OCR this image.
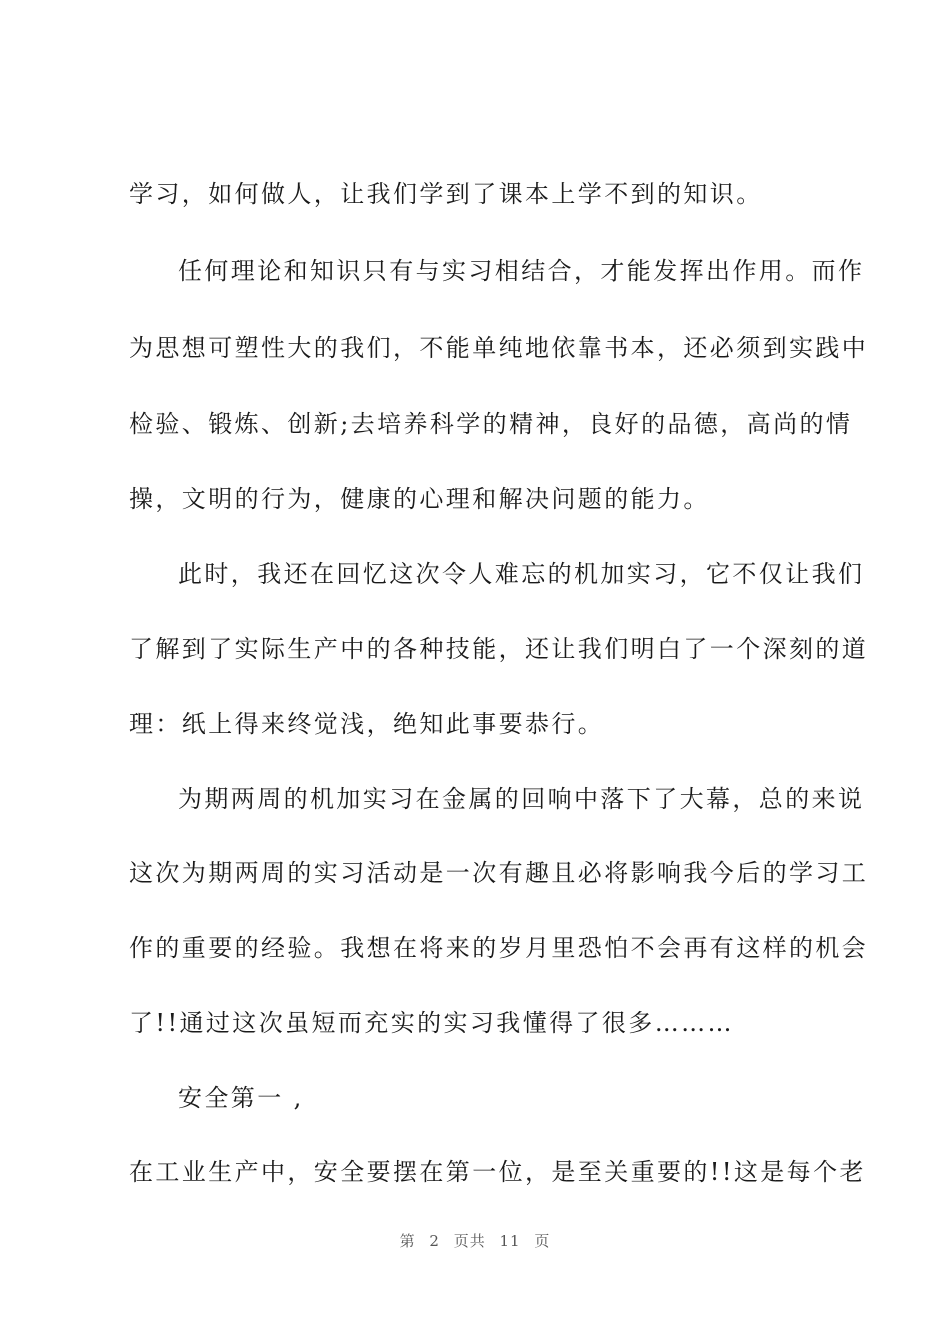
学习，如何做人，让我们学到了课本上学不到的知识。
任何理论和知识只有与实习相结合，才能发挥出作用。而作
为思想可塑性大的我们，不能单纯地依靠书本，还必须到实践中
检验、锻炼、创新;去培养科学的精神，良好的品德，高尚的情
操，文明的行为，健康的心理和解决问题的能力。
此时，我还在回忆这次令人难忘的机加实习，它不仅让我们
了解到了实际生产中的各种技能，还让我们明白了一个深刻的道
理：纸上得来终觉浅，绝知此事要恭行。
为期两周的机加实习在金属的回响中落下了大幕，总的来说
这次为期两周的实习活动是一次有趣且必将影响我今后的学习工
作的重要的经验。我想在将来的岁月里恐怕不会再有这样的机会
了!!通过这次虽短而充实的实习我懂得了很多………
安全第一 ,
在工业生产中，安全要摆在第一位，是至关重要的!!这是每个老
第 2 页共 11 页
